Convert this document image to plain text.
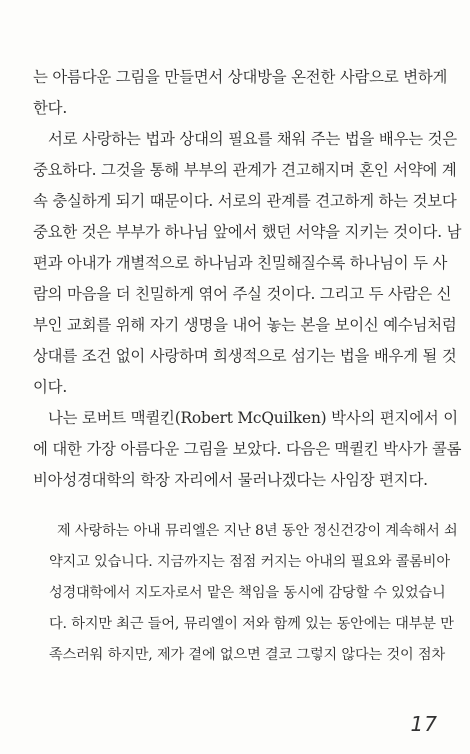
는 아름다운 그림을 만들면서 상대방을 온전한 사람으로 변하게
한다.
서로 사랑하는 법과 상대의 필요를 채워 주는 법을 배우는 것은
중요하다. 그것을 통해 부부의 관계가 견고해지며 혼인 서약에 계
속 충실하게 되기 때문이다. 서로의 관계를 견고하게 하는 것보다
중요한 것은 부부가 하나님 앞에서 했던 서약을 지키는 것이다. 남
편과 아내가 개별적으로 하나님과 친밀해질수록 하나님이 두 사
람의 마음을 더 친밀하게 엮어 주실 것이다. 그리고 두 사람은 신
부인 교회를 위해 자기 생명을 내어 놓는 본을 보이신 예수님처럼
상대를 조건 없이 사랑하며 희생적으로 섬기는 법을 배우게 될 것
이다.
나는 로버트 맥퀼킨(Robert McQuilken) 박사의 편지에서 이
에 대한 가장 아름다운 그림을 보았다. 다음은 맥퀼킨 박사가 콜롬
비아성경대학의 학장 자리에서 물러나겠다는 사임장 편지다.
제 사랑하는 아내 뮤리엘은 지난 8년 동안 정신건강이 계속해서 쇠
약지고 있습니다. 지금까지는 점점 커지는 아내의 필요와 콜롬비아
성경대학에서 지도자로서 맡은 책임을 동시에 감당할 수 있었습니
다. 하지만 최근 들어, 뮤리엘이 저와 함께 있는 동안에는 대부분 만
족스러워 하지만, 제가 곁에 없으면 결코 그렇지 않다는 것이 점차
17
